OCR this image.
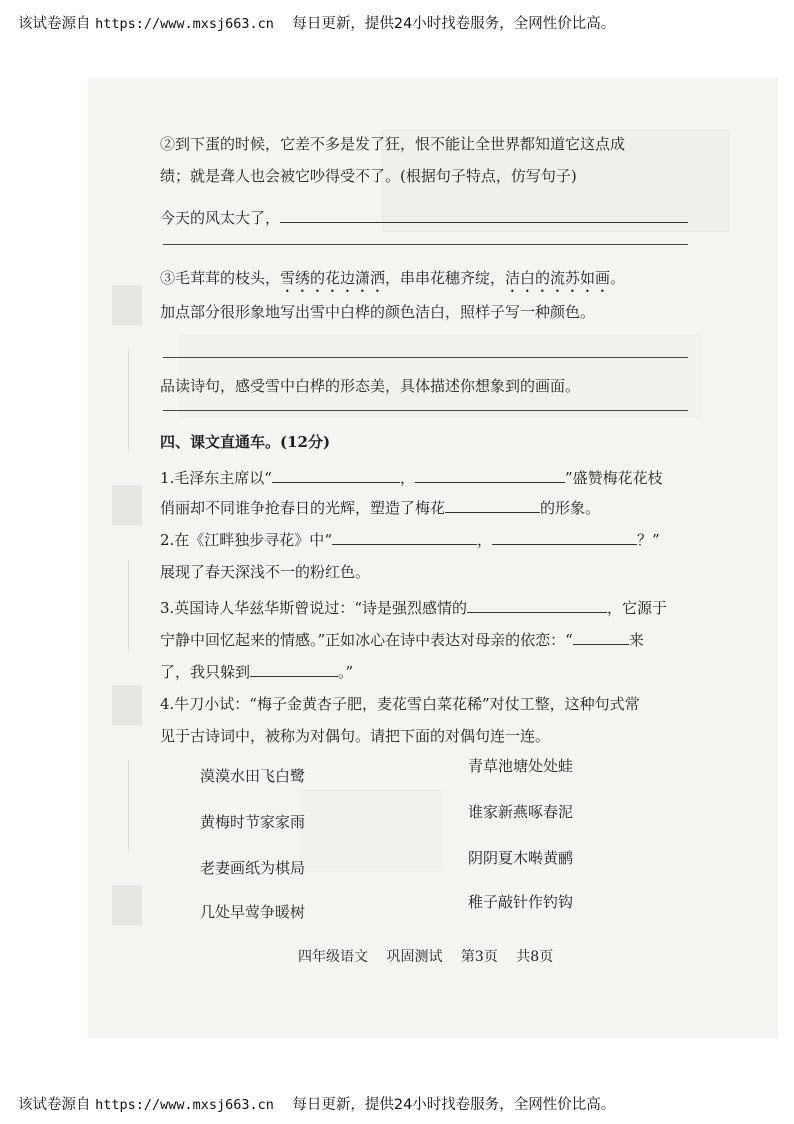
该试卷源自 https://www.mxsj663.cn 每日更新，提供24小时找卷服务，全网性价比高。
②到下蛋的时候，它差不多是发了狂，恨不能让全世界都知道它这点成
绩；就是聋人也会被它吵得受不了。(根据句子特点，仿写句子)
今天的风太大了，
③毛茸茸的枝头，雪绣的花边潇洒，串串花穗齐绽，洁白的流苏如画。
加点部分很形象地写出雪中白桦的颜色洁白，照样子写一种颜色。
品读诗句，感受雪中白桦的形态美，具体描述你想象到的画面。
四、课文直通车。(12分)
1.毛泽东主席以“	，	”盛赞梅花花枝
俏丽却不同谁争抢春日的光辉，塑造了梅花	的形象。
2.在《江畔独步寻花》中“	，	？”
展现了春天深浅不一的粉红色。
3.英国诗人华兹华斯曾说过：“诗是强烈感情的	，它源于
宁静中回忆起来的情感。”正如冰心在诗中表达对母亲的依恋：“	来
了，我只躲到	。”
4.牛刀小试：“梅子金黄杏子肥，麦花雪白菜花稀”对仗工整，这种句式常
见于古诗词中，被称为对偶句。请把下面的对偶句连一连。
漠漠水田飞白鹭
黄梅时节家家雨
老妻画纸为棋局
几处早莺争暖树
青草池塘处处蛙
谁家新燕啄春泥
阴阴夏木啭黄鹂
稚子敲针作钓钩
四年级语文 巩固测试 第3页 共8页
该试卷源自 https://www.mxsj663.cn 每日更新，提供24小时找卷服务，全网性价比高。
